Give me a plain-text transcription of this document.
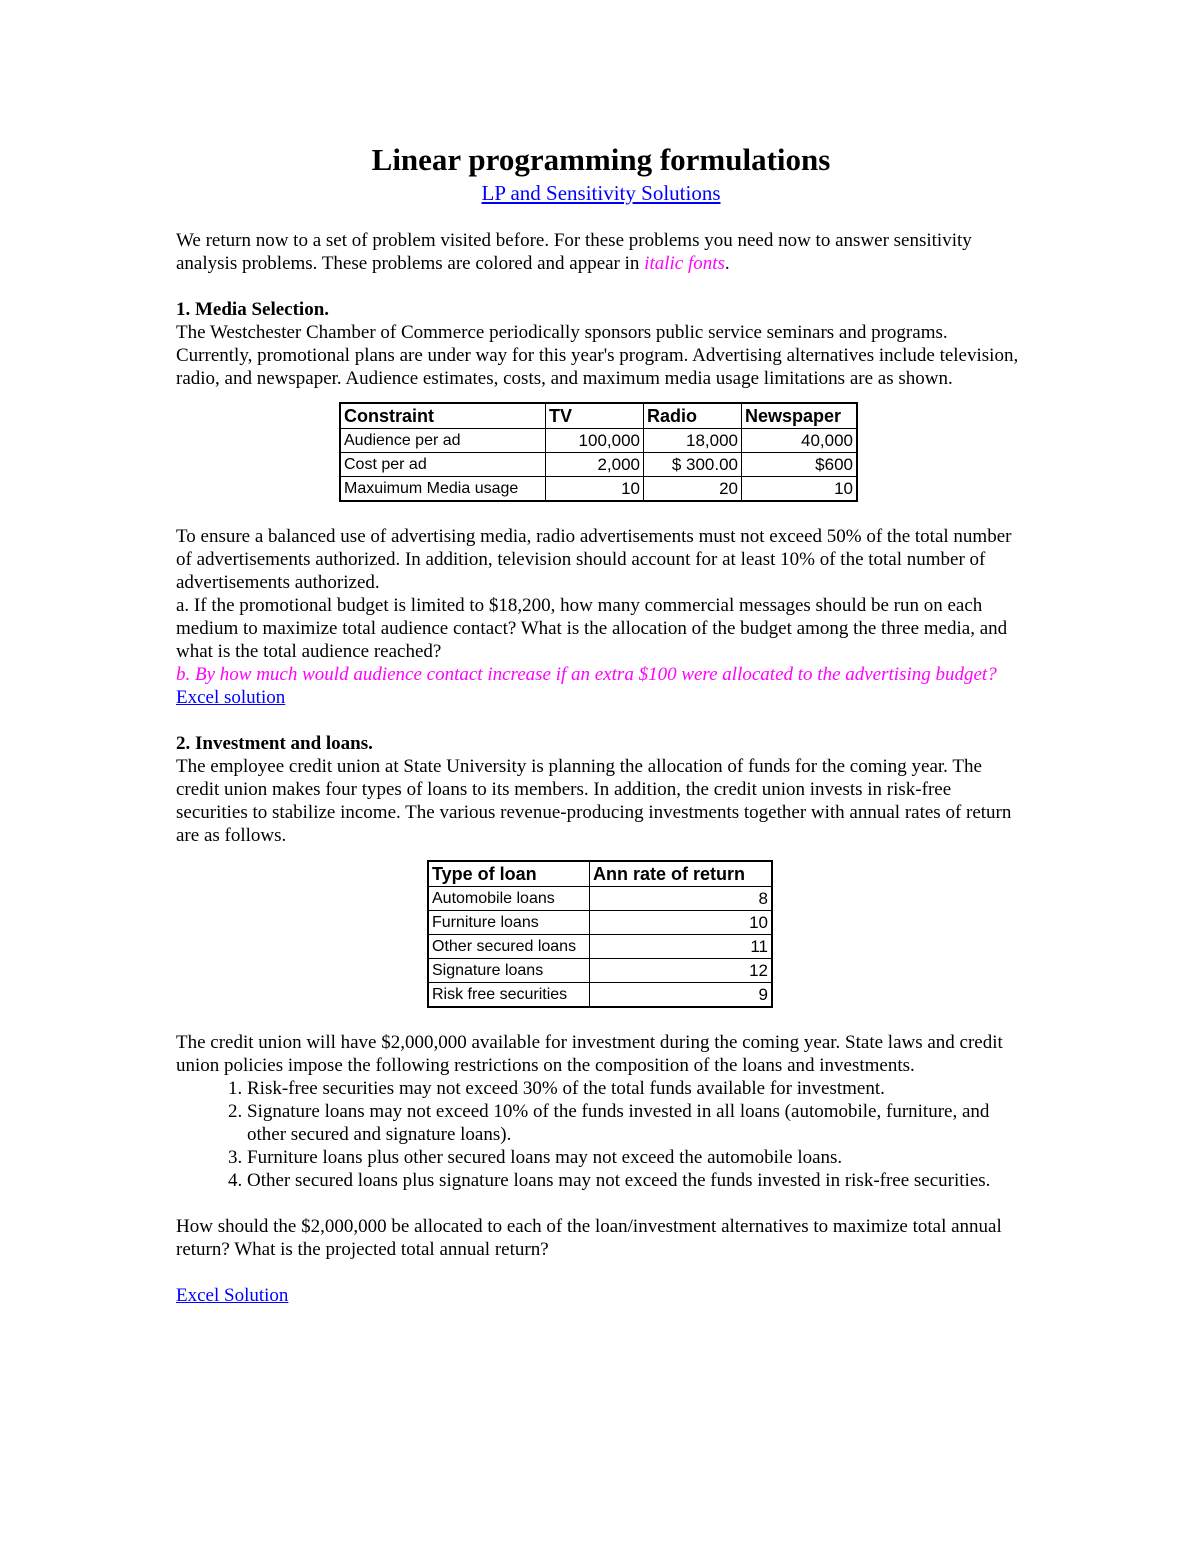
Linear programming formulations

LP and Sensitivity Solutions

We return now to a set of problem visited before. For these problems you need now to answer sensitivity analysis problems. These problems are colored and appear in italic fonts.

1. Media Selection.

The Westchester Chamber of Commerce periodically sponsors public service seminars and programs. Currently, promotional plans are under way for this year's program. Advertising alternatives include television, radio, and newspaper. Audience estimates, costs, and maximum media usage limitations are as shown.

Constraint	TV	Radio	Newspaper
Audience per ad	100,000	18,000	40,000
Cost per ad	2,000	$ 300.00	$600
Maxuimum Media usage	10	20	10

To ensure a balanced use of advertising media, radio advertisements must not exceed 50% of the total number of advertisements authorized. In addition, television should account for at least 10% of the total number of advertisements authorized.

a. If the promotional budget is limited to $18,200, how many commercial messages should be run on each medium to maximize total audience contact? What is the allocation of the budget among the three media, and what is the total audience reached?

b. By how much would audience contact increase if an extra $100 were allocated to the advertising budget?

Excel solution

2. Investment and loans.

The employee credit union at State University is planning the allocation of funds for the coming year. The credit union makes four types of loans to its members. In addition, the credit union invests in risk-free securities to stabilize income. The various revenue-producing investments together with annual rates of return are as follows.

Type of loan	Ann rate of return
Automobile loans	8
Furniture loans	10
Other secured loans	11
Signature loans	12
Risk free securities	9

The credit union will have $2,000,000 available for investment during the coming year. State laws and credit union policies impose the following restrictions on the composition of the loans and investments.

1. Risk-free securities may not exceed 30% of the total funds available for investment.
2. Signature loans may not exceed 10% of the funds invested in all loans (automobile, furniture, and other secured and signature loans).
3. Furniture loans plus other secured loans may not exceed the automobile loans.
4. Other secured loans plus signature loans may not exceed the funds invested in risk-free securities.

How should the $2,000,000 be allocated to each of the loan/investment alternatives to maximize total annual return? What is the projected total annual return?

Excel Solution
